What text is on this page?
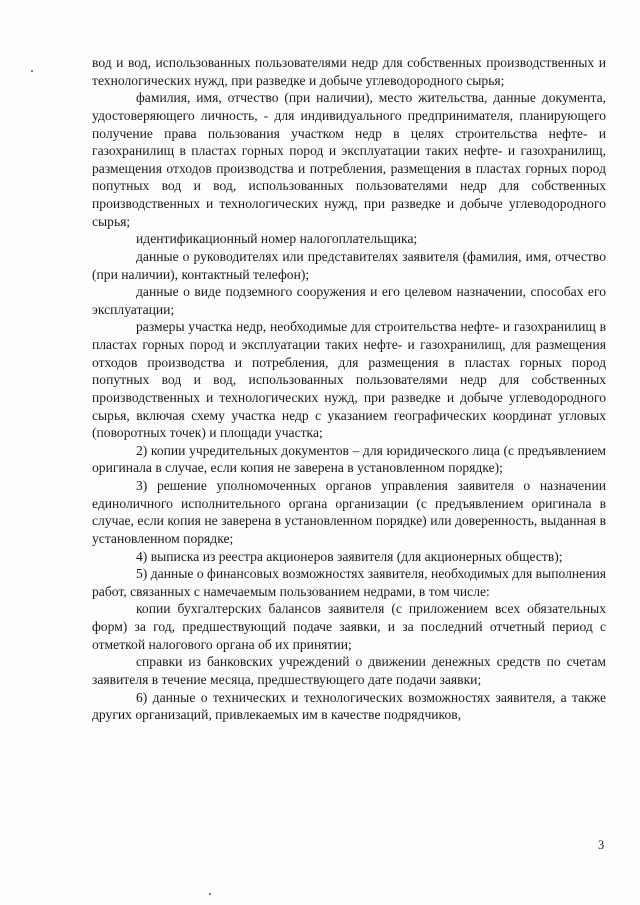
вод и вод, использованных пользователями недр для собственных производственных и технологических нужд, при разведке и добыче углеводородного сырья;

фамилия, имя, отчество (при наличии), место жительства, данные документа, удостоверяющего личность, - для индивидуального предпринимателя, планирующего получение права пользования участком недр в целях строительства нефте- и газохранилищ в пластах горных пород и эксплуатации таких нефте- и газохранилищ, размещения отходов производства и потребления, размещения в пластах горных пород попутных вод и вод, использованных пользователями недр для собственных производственных и технологических нужд, при разведке и добыче углеводородного сырья;

идентификационный номер налогоплательщика;

данные о руководителях или представителях заявителя (фамилия, имя, отчество (при наличии), контактный телефон);

данные о виде подземного сооружения и его целевом назначении, способах его эксплуатации;

размеры участка недр, необходимые для строительства нефте- и газохранилищ в пластах горных пород и эксплуатации таких нефте- и газохранилищ, для размещения отходов производства и потребления, для размещения в пластах горных пород попутных вод и вод, использованных пользователями недр для собственных производственных и технологических нужд, при разведке и добыче углеводородного сырья, включая схему участка недр с указанием географических координат угловых (поворотных точек) и площади участка;

2) копии учредительных документов – для юридического лица (с предъявлением оригинала в случае, если копия не заверена в установленном порядке);

3) решение уполномоченных органов управления заявителя о назначении единоличного исполнительного органа организации (с предъявлением оригинала в случае, если копия не заверена в установленном порядке) или доверенность, выданная в установленном порядке;

4) выписка из реестра акционеров заявителя (для акционерных обществ);

5) данные о финансовых возможностях заявителя, необходимых для выполнения работ, связанных с намечаемым пользованием недрами, в том числе:

копии бухгалтерских балансов заявителя (с приложением всех обязательных форм) за год, предшествующий подаче заявки, и за последний отчетный период с отметкой налогового органа об их принятии;

справки из банковских учреждений о движении денежных средств по счетам заявителя в течение месяца, предшествующего дате подачи заявки;

6) данные о технических и технологических возможностях заявителя, а также других организаций, привлекаемых им в качестве подрядчиков,

3
